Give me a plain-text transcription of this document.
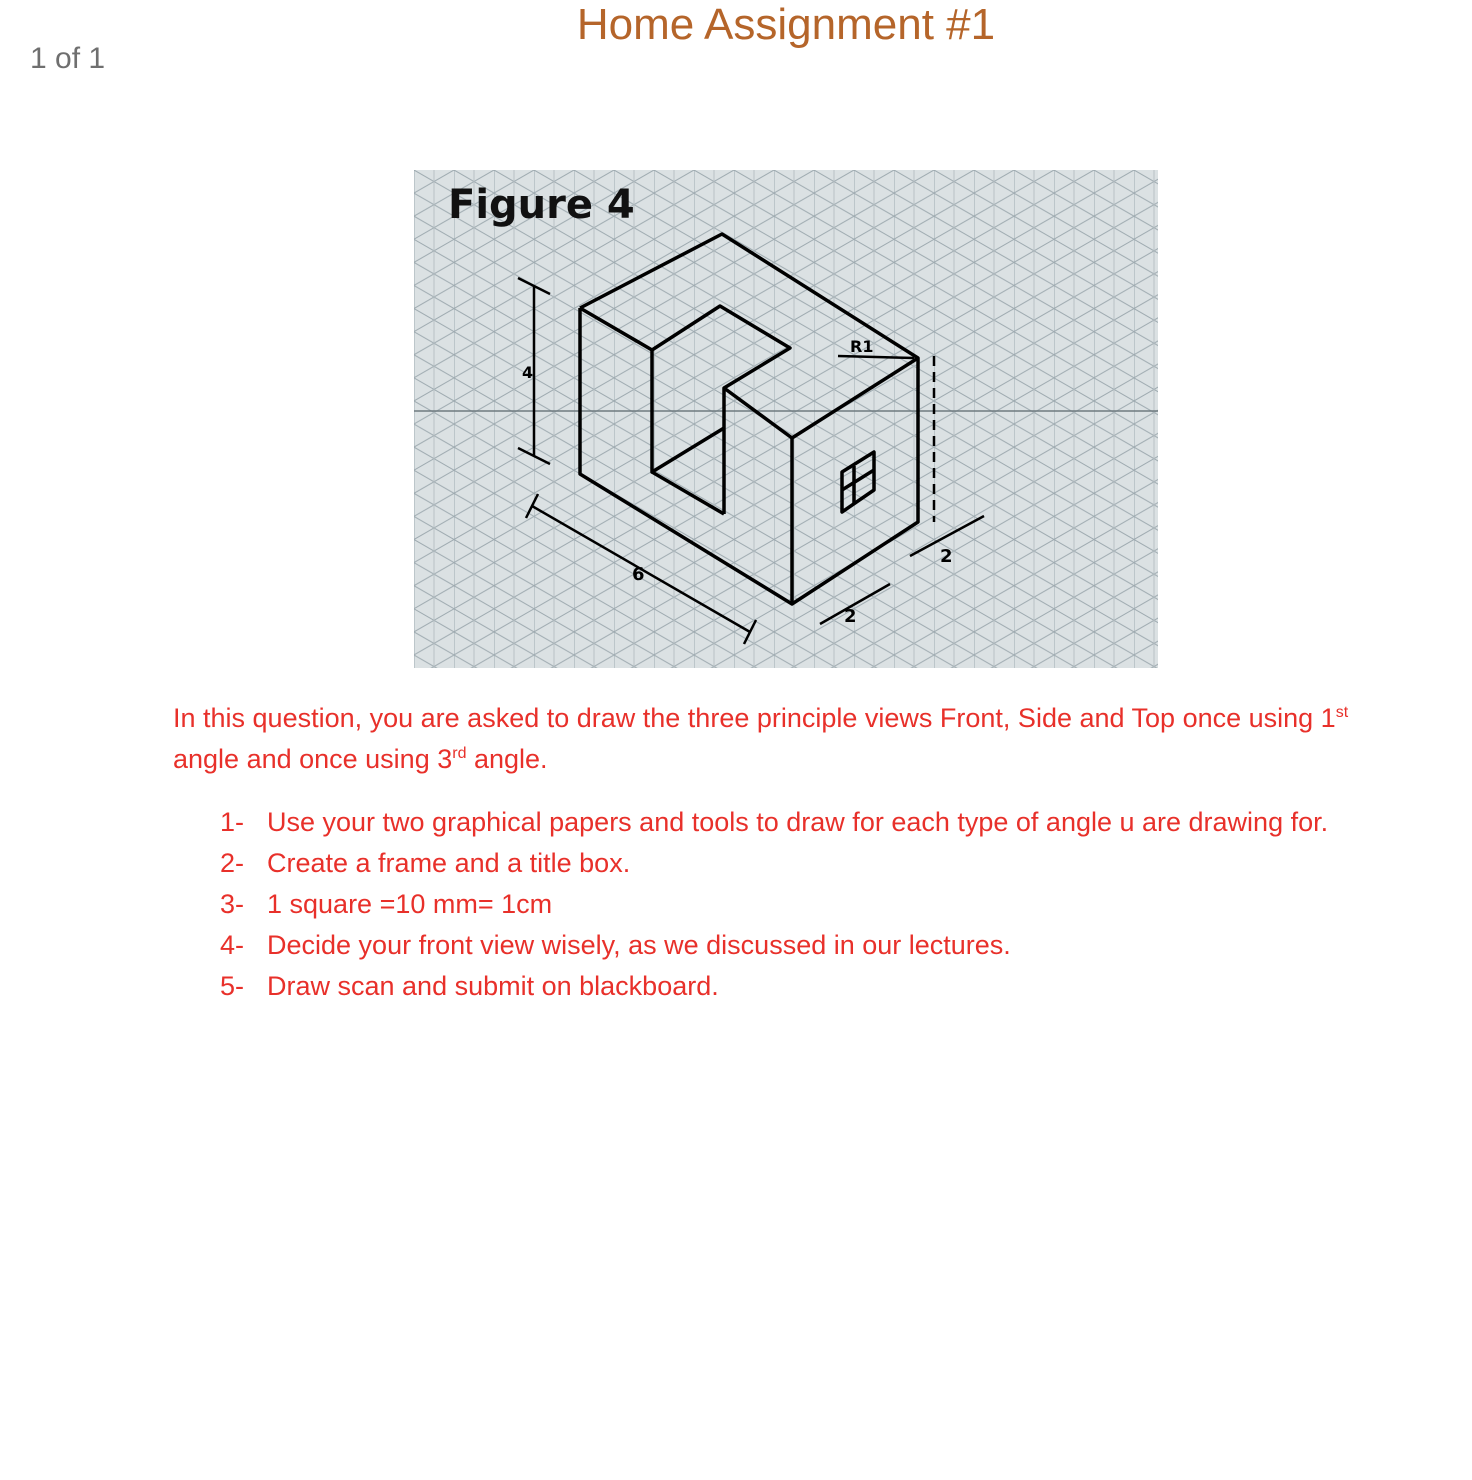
1 of 1
Home Assignment #1
Figure 4
R1
4
6
2
2

In this question, you are asked to draw the three principle views Front, Side and Top once using 1st angle and once using 3rd angle.

1- Use your two graphical papers and tools to draw for each type of angle u are drawing for.
2- Create a frame and a title box.
3- 1 square =10 mm= 1cm
4- Decide your front view wisely, as we discussed in our lectures.
5- Draw scan and submit on blackboard.
